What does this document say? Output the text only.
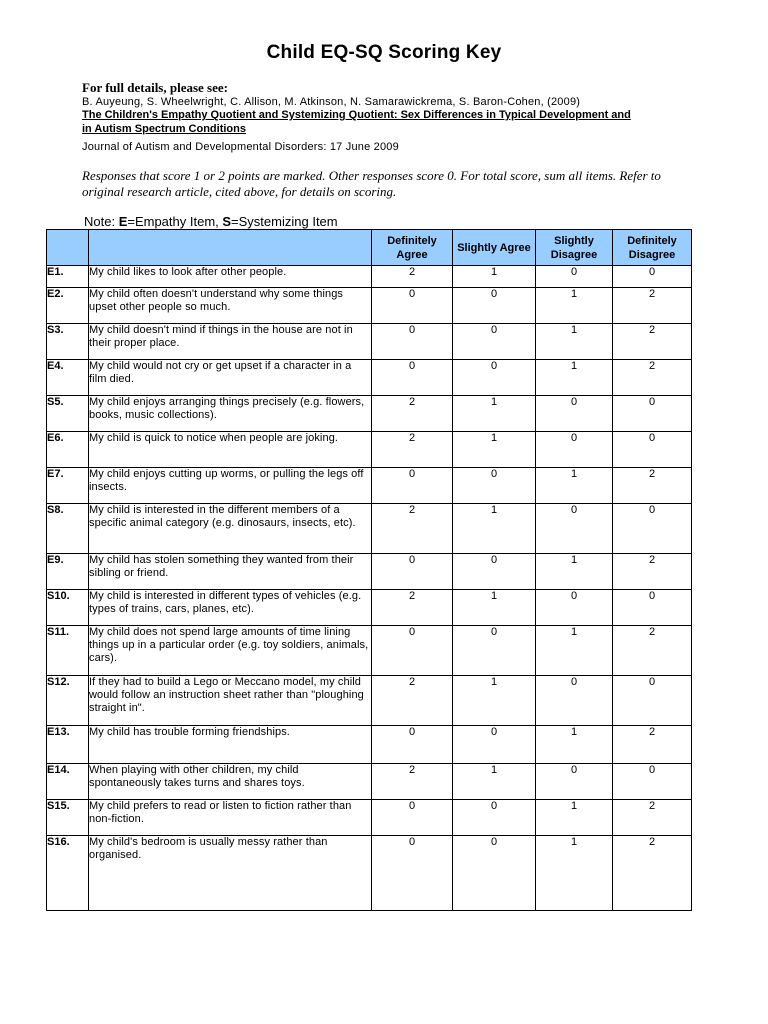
Child EQ-SQ Scoring Key
For full details, please see:
B. Auyeung, S. Wheelwright, C. Allison, M. Atkinson, N. Samarawickrema, S. Baron-Cohen, (2009)
The Children's Empathy Quotient and Systemizing Quotient: Sex Differences in Typical Development and in Autism Spectrum Conditions
Journal of Autism and Developmental Disorders: 17 June 2009
Responses that score 1 or 2 points are marked. Other responses score 0. For total score, sum all items. Refer to original research article, cited above, for details on scoring.
Note: E=Empathy Item, S=Systemizing Item
		Definitely Agree	Slightly Agree	Slightly Disagree	Definitely Disagree
E1.	My child likes to look after other people.	2	1	0	0
E2.	My child often doesn't understand why some things upset other people so much.	0	0	1	2
S3.	My child doesn't mind if things in the house are not in their proper place.	0	0	1	2
E4.	My child would not cry or get upset if a character in a film died.	0	0	1	2
S5.	My child enjoys arranging things precisely (e.g. flowers, books, music collections).	2	1	0	0
E6.	My child is quick to notice when people are joking.	2	1	0	0
E7.	My child enjoys cutting up worms, or pulling the legs off insects.	0	0	1	2
S8.	My child is interested in the different members of a specific animal category (e.g. dinosaurs, insects, etc).	2	1	0	0
E9.	My child has stolen something they wanted from their sibling or friend.	0	0	1	2
S10.	My child is interested in different types of vehicles (e.g. types of trains, cars, planes, etc).	2	1	0	0
S11.	My child does not spend large amounts of time lining things up in a particular order (e.g. toy soldiers, animals, cars).	0	0	1	2
S12.	If they had to build a Lego or Meccano model, my child would follow an instruction sheet rather than "ploughing straight in".	2	1	0	0
E13.	My child has trouble forming friendships.	0	0	1	2
E14.	When playing with other children, my child spontaneously takes turns and shares toys.	2	1	0	0
S15.	My child prefers to read or listen to fiction rather than non-fiction.	0	0	1	2
S16.	My child's bedroom is usually messy rather than organised.	0	0	1	2
